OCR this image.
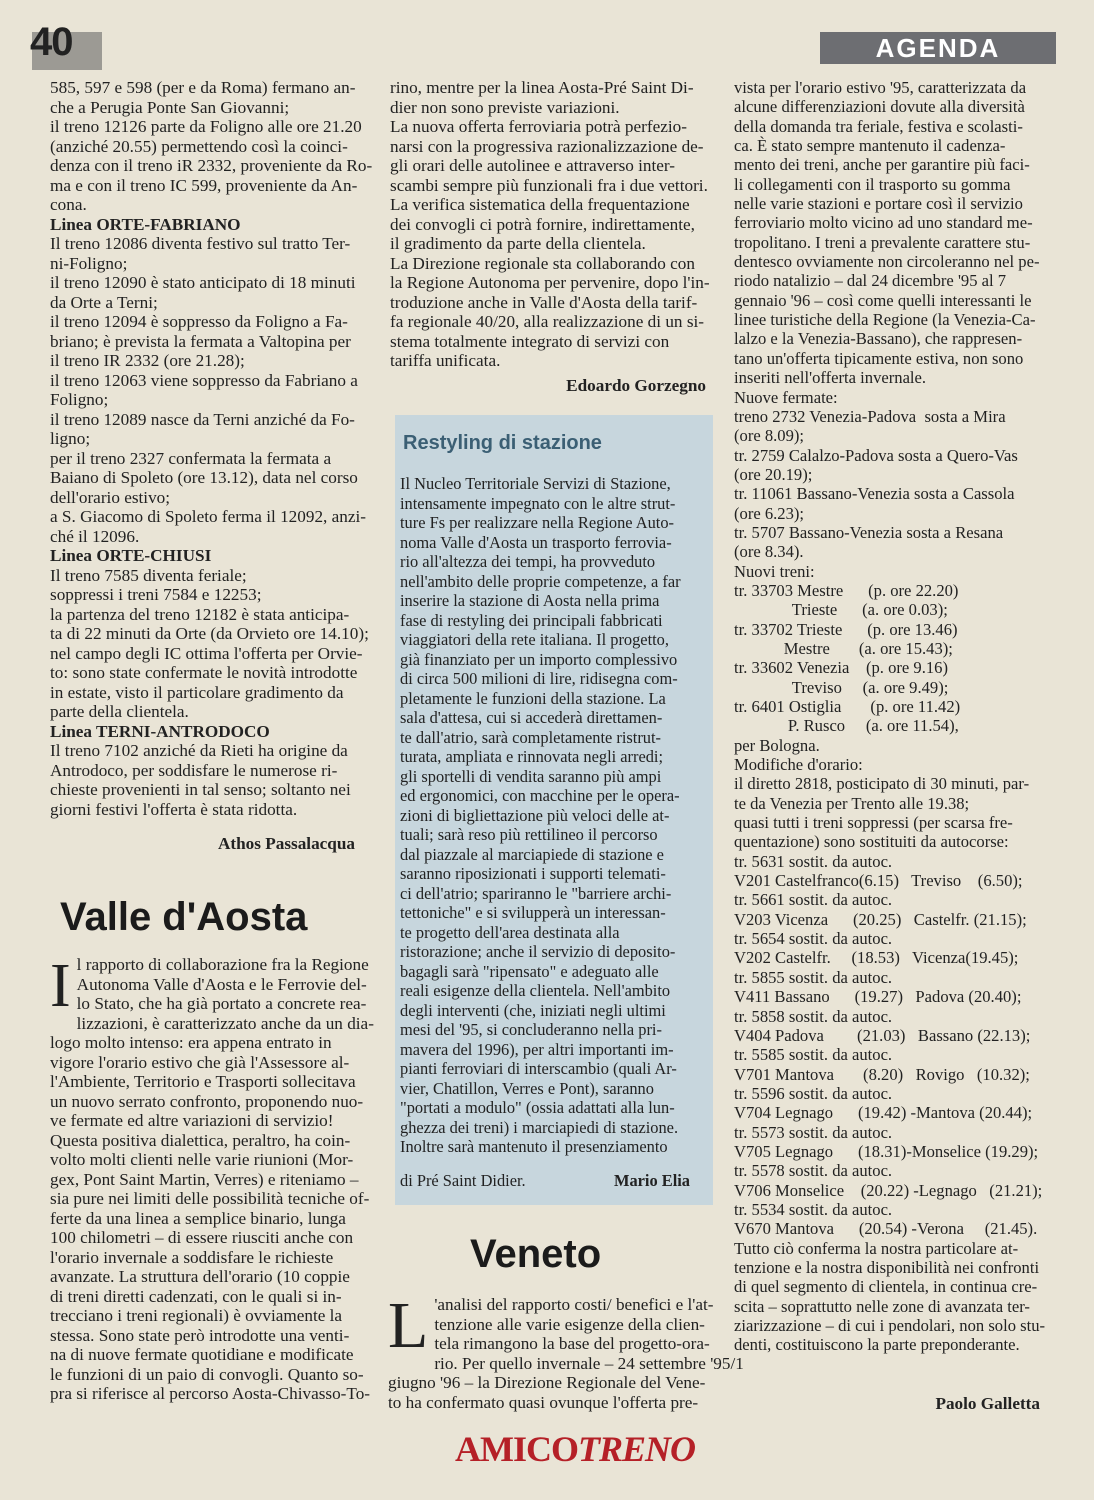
40	AGENDA
585, 597 e 598 (per e da Roma) fermano an-
che a Perugia Ponte San Giovanni;
il treno 12126 parte da Foligno alle ore 21.20
(anziché 20.55) permettendo così la coinci-
denza con il treno iR 2332, proveniente da Ro-
ma e con il treno IC 599, proveniente da An-
cona.
Linea ORTE-FABRIANO
Il treno 12086 diventa festivo sul tratto Ter-
ni-Foligno;
il treno 12090 è stato anticipato di 18 minuti
da Orte a Terni;
il treno 12094 è soppresso da Foligno a Fa-
briano; è prevista la fermata a Valtopina per
il treno IR 2332 (ore 21.28);
il treno 12063 viene soppresso da Fabriano a
Foligno;
il treno 12089 nasce da Terni anziché da Fo-
ligno;
per il treno 2327 confermata la fermata a
Baiano di Spoleto (ore 13.12), data nel corso
dell'orario estivo;
a S. Giacomo di Spoleto ferma il 12092, anzi-
ché il 12096.
Linea ORTE-CHIUSI
Il treno 7585 diventa feriale;
soppressi i treni 7584 e 12253;
la partenza del treno 12182 è stata anticipa-
ta di 22 minuti da Orte (da Orvieto ore 14.10);
nel campo degli IC ottima l'offerta per Orvie-
to: sono state confermate le novità introdotte
in estate, visto il particolare gradimento da
parte della clientela.
Linea TERNI-ANTRODOCO
Il treno 7102 anziché da Rieti ha origine da
Antrodoco, per soddisfare le numerose ri-
chieste provenienti in tal senso; soltanto nei
giorni festivi l'offerta è stata ridotta.
Athos Passalacqua
Valle d'Aosta
I l rapporto di collaborazione fra la Regione
Autonoma Valle d'Aosta e le Ferrovie del-
lo Stato, che ha già portato a concrete rea-
lizzazioni, è caratterizzato anche da un dia-
logo molto intenso: era appena entrato in
vigore l'orario estivo che già l'Assessore al-
l'Ambiente, Territorio e Trasporti sollecitava
un nuovo serrato confronto, proponendo nuo-
ve fermate ed altre variazioni di servizio!
Questa positiva dialettica, peraltro, ha coin-
volto molti clienti nelle varie riunioni (Mor-
gex, Pont Saint Martin, Verres) e riteniamo –
sia pure nei limiti delle possibilità tecniche of-
ferte da una linea a semplice binario, lunga
100 chilometri – di essere riusciti anche con
l'orario invernale a soddisfare le richieste
avanzate. La struttura dell'orario (10 coppie
di treni diretti cadenzati, con le quali si in-
trecciano i treni regionali) è ovviamente la
stessa. Sono state però introdotte una venti-
na di nuove fermate quotidiane e modificate
le funzioni di un paio di convogli. Quanto so-
pra si riferisce al percorso Aosta-Chivasso-To-
rino, mentre per la linea Aosta-Pré Saint Di-
dier non sono previste variazioni.
La nuova offerta ferroviaria potrà perfezio-
narsi con la progressiva razionalizzazione de-
gli orari delle autolinee e attraverso inter-
scambi sempre più funzionali fra i due vettori.
La verifica sistematica della frequentazione
dei convogli ci potrà fornire, indirettamente,
il gradimento da parte della clientela.
La Direzione regionale sta collaborando con
la Regione Autonoma per pervenire, dopo l'in-
troduzione anche in Valle d'Aosta della tarif-
fa regionale 40/20, alla realizzazione di un si-
stema totalmente integrato di servizi con
tariffa unificata.
Edoardo Gorzegno
Restyling di stazione
Il Nucleo Territoriale Servizi di Stazione,
intensamente impegnato con le altre strut-
ture Fs per realizzare nella Regione Auto-
noma Valle d'Aosta un trasporto ferrovia-
rio all'altezza dei tempi, ha provveduto
nell'ambito delle proprie competenze, a far
inserire la stazione di Aosta nella prima
fase di restyling dei principali fabbricati
viaggiatori della rete italiana. Il progetto,
già finanziato per un importo complessivo
di circa 500 milioni di lire, ridisegna com-
pletamente le funzioni della stazione. La
sala d'attesa, cui si accederà direttamen-
te dall'atrio, sarà completamente ristrut-
turata, ampliata e rinnovata negli arredi;
gli sportelli di vendita saranno più ampi
ed ergonomici, con macchine per le opera-
zioni di bigliettazione più veloci delle at-
tuali; sarà reso più rettilineo il percorso
dal piazzale al marciapiede di stazione e
saranno riposizionati i supporti telemati-
ci dell'atrio; spariranno le "barriere archi-
tettoniche" e si svilupperà un interessan-
te progetto dell'area destinata alla
ristorazione; anche il servizio di deposito-
bagagli sarà "ripensato" e adeguato alle
reali esigenze della clientela. Nell'ambito
degli interventi (che, iniziati negli ultimi
mesi del '95, si concluderanno nella pri-
mavera del 1996), per altri importanti im-
pianti ferroviari di interscambio (quali Ar-
vier, Chatillon, Verres e Pont), saranno
"portati a modulo" (ossia adattati alla lun-
ghezza dei treni) i marciapiedi di stazione.
Inoltre sarà mantenuto il presenziamento
di Pré Saint Didier.	Mario Elia
Veneto
L 'analisi del rapporto costi/ benefici e l'at-
tenzione alle varie esigenze della clien-
tela rimangono la base del progetto-ora-
rio. Per quello invernale – 24 settembre '95/1
giugno '96 – la Direzione Regionale del Vene-
to ha confermato quasi ovunque l'offerta pre-
vista per l'orario estivo '95, caratterizzata da
alcune differenziazioni dovute alla diversità
della domanda tra feriale, festiva e scolasti-
ca. È stato sempre mantenuto il cadenza-
mento dei treni, anche per garantire più faci-
li collegamenti con il trasporto su gomma
nelle varie stazioni e portare così il servizio
ferroviario molto vicino ad uno standard me-
tropolitano. I treni a prevalente carattere stu-
dentesco ovviamente non circoleranno nel pe-
riodo natalizio – dal 24 dicembre '95 al 7
gennaio '96 – così come quelli interessanti le
linee turistiche della Regione (la Venezia-Ca-
lalzo e la Venezia-Bassano), che rappresen-
tano un'offerta tipicamente estiva, non sono
inseriti nell'offerta invernale.
Nuove fermate:
treno 2732 Venezia-Padova  sosta a Mira
(ore 8.09);
tr. 2759 Calalzo-Padova sosta a Quero-Vas
(ore 20.19);
tr. 11061 Bassano-Venezia sosta a Cassola
(ore 6.23);
tr. 5707 Bassano-Venezia sosta a Resana
(ore 8.34).
Nuovi treni:
tr. 33703 Mestre      (p. ore 22.20)
Trieste      (a. ore 0.03);
tr. 33702 Trieste      (p. ore 13.46)
Mestre       (a. ore 15.43);
tr. 33602 Venezia    (p. ore 9.16)
Treviso     (a. ore 9.49);
tr. 6401 Ostiglia       (p. ore 11.42)
P. Rusco     (a. ore 11.54),
per Bologna.
Modifiche d'orario:
il diretto 2818, posticipato di 30 minuti, par-
te da Venezia per Trento alle 19.38;
quasi tutti i treni soppressi (per scarsa fre-
quentazione) sono sostituiti da autocorse:
tr. 5631 sostit. da autoc.
V201 Castelfranco(6.15)   Treviso    (6.50);
tr. 5661 sostit. da autoc.
V203 Vicenza      (20.25)   Castelfr. (21.15);
tr. 5654 sostit. da autoc.
V202 Castelfr.     (18.53)   Vicenza(19.45);
tr. 5855 sostit. da autoc.
V411 Bassano      (19.27)   Padova (20.40);
tr. 5858 sostit. da autoc.
V404 Padova        (21.03)   Bassano (22.13);
tr. 5585 sostit. da autoc.
V701 Mantova       (8.20)   Rovigo   (10.32);
tr. 5596 sostit. da autoc.
V704 Legnago      (19.42) -Mantova (20.44);
tr. 5573 sostit. da autoc.
V705 Legnago      (18.31)-Monselice (19.29);
tr. 5578 sostit. da autoc.
V706 Monselice    (20.22) -Legnago   (21.21);
tr. 5534 sostit. da autoc.
V670 Mantova      (20.54) -Verona     (21.45).
Tutto ciò conferma la nostra particolare at-
tenzione e la nostra disponibilità nei confronti
di quel segmento di clientela, in continua cre-
scita – soprattutto nelle zone di avanzata ter-
ziarizzazione – di cui i pendolari, non solo stu-
denti, costituiscono la parte preponderante.
Paolo Galletta
AMICOTRENO
